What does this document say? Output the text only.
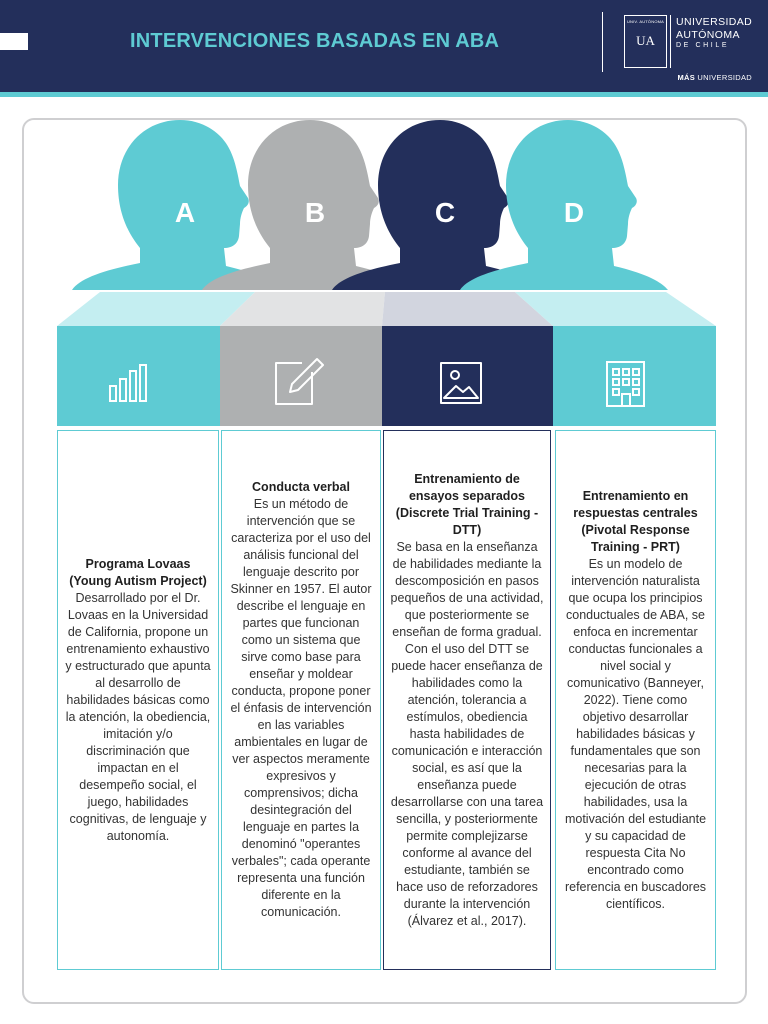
INTERVENCIONES BASADAS EN ABA
UNIV. AUTÓNOMA
UA
UNIVERSIDAD
AUTÓNOMA
DE CHILE
MÁS UNIVERSIDAD
A	B	C	D
Programa Lovaas (Young Autism Project)
Desarrollado por el Dr. Lovaas en la Universidad de California, propone un entrenamiento exhaustivo y estructurado que apunta al desarrollo de habilidades básicas como la atención, la obediencia, imitación y/o discriminación que impactan en el desempeño social, el juego, habilidades cognitivas, de lenguaje y autonomía.
Conducta verbal
Es un método de intervención que se caracteriza por el uso del análisis funcional del lenguaje descrito por Skinner en 1957. El autor describe el lenguaje en partes que funcionan como un sistema que sirve como base para enseñar y moldear conducta, propone poner el énfasis de intervención en las variables ambientales en lugar de ver aspectos meramente expresivos y comprensivos; dicha desintegración del lenguaje en partes la denominó "operantes verbales"; cada operante representa una función diferente en la comunicación.
Entrenamiento de ensayos separados (Discrete Trial Training - DTT)
Se basa en la enseñanza de habilidades mediante la descomposición en pasos pequeños de una actividad, que posteriormente se enseñan de forma gradual. Con el uso del DTT se puede hacer enseñanza de habilidades como la atención, tolerancia a estímulos, obediencia hasta habilidades de comunicación e interacción social, es así que la enseñanza puede desarrollarse con una tarea sencilla, y posteriormente permite complejizarse conforme al avance del estudiante, también se hace uso de reforzadores durante la intervención (Álvarez et al., 2017).
Entrenamiento en respuestas centrales (Pivotal Response Training - PRT)
Es un modelo de intervención naturalista que ocupa los principios conductuales de ABA, se enfoca en incrementar conductas funcionales a nivel social y comunicativo (Banneyer, 2022). Tiene como objetivo desarrollar habilidades básicas y fundamentales que son necesarias para la ejecución de otras habilidades, usa la motivación del estudiante y su capacidad de respuesta Cita No encontrado como referencia en buscadores científicos.
